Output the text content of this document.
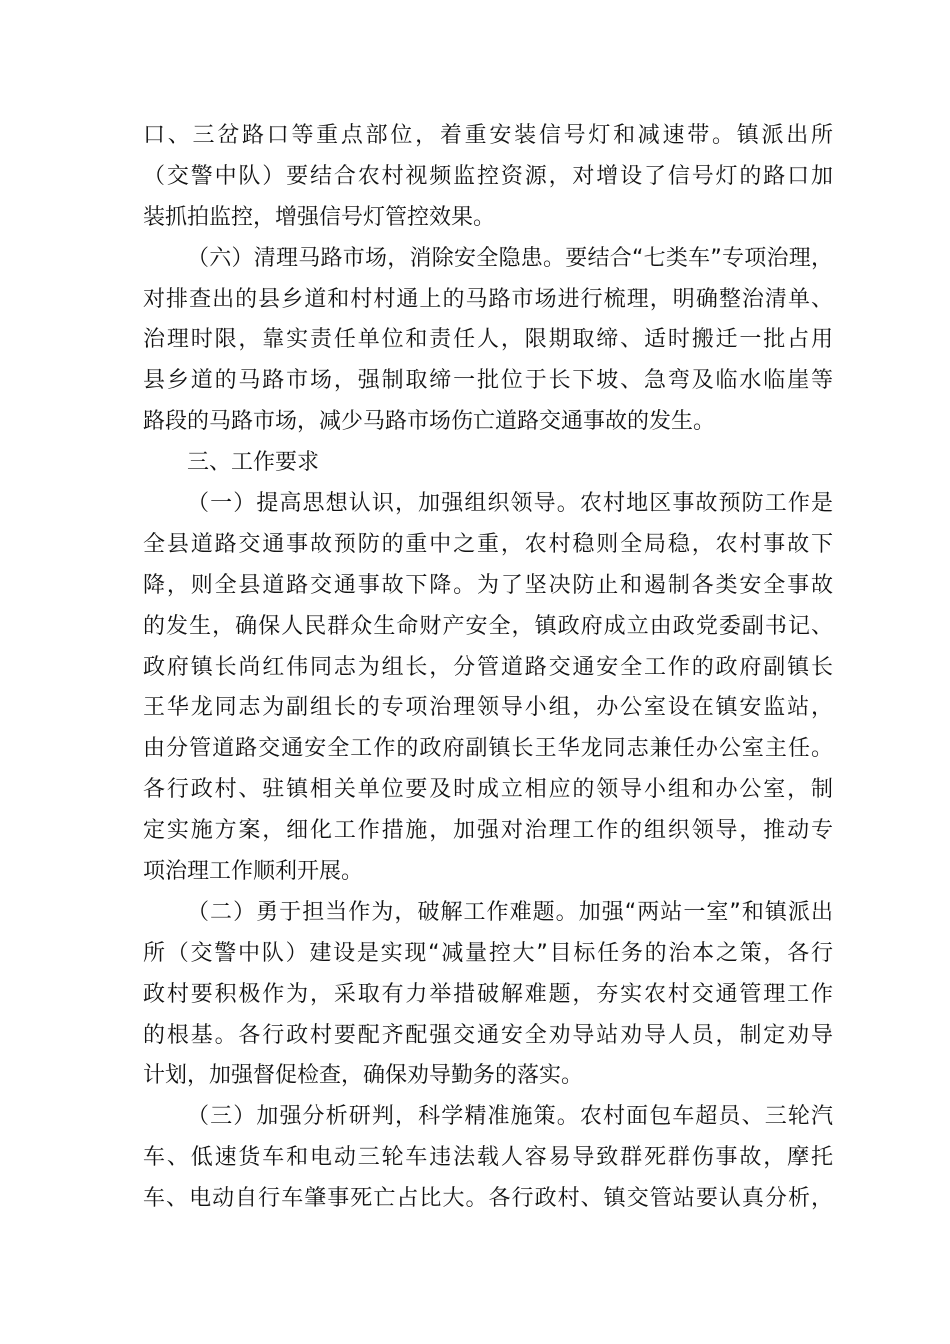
口、三岔路口等重点部位，着重安装信号灯和减速带。镇派出所
（交警中队）要结合农村视频监控资源，对增设了信号灯的路口加
装抓拍监控，增强信号灯管控效果。
（六）清理马路市场，消除安全隐患。要结合“七类车”专项治理，
对排查出的县乡道和村村通上的马路市场进行梳理，明确整治清单、
治理时限，靠实责任单位和责任人，限期取缔、适时搬迁一批占用
县乡道的马路市场，强制取缔一批位于长下坡、急弯及临水临崖等
路段的马路市场，减少马路市场伤亡道路交通事故的发生。
三、工作要求
（一）提高思想认识，加强组织领导。农村地区事故预防工作是
全县道路交通事故预防的重中之重，农村稳则全局稳，农村事故下
降，则全县道路交通事故下降。为了坚决防止和遏制各类安全事故
的发生，确保人民群众生命财产安全，镇政府成立由政党委副书记、
政府镇长尚红伟同志为组长，分管道路交通安全工作的政府副镇长
王华龙同志为副组长的专项治理领导小组，办公室设在镇安监站，
由分管道路交通安全工作的政府副镇长王华龙同志兼任办公室主任。
各行政村、驻镇相关单位要及时成立相应的领导小组和办公室，制
定实施方案，细化工作措施，加强对治理工作的组织领导，推动专
项治理工作顺利开展。
（二）勇于担当作为，破解工作难题。加强“两站一室”和镇派出
所（交警中队）建设是实现“减量控大”目标任务的治本之策，各行
政村要积极作为，采取有力举措破解难题，夯实农村交通管理工作
的根基。各行政村要配齐配强交通安全劝导站劝导人员，制定劝导
计划，加强督促检查，确保劝导勤务的落实。
（三）加强分析研判，科学精准施策。农村面包车超员、三轮汽
车、低速货车和电动三轮车违法载人容易导致群死群伤事故，摩托
车、电动自行车肇事死亡占比大。各行政村、镇交管站要认真分析，
